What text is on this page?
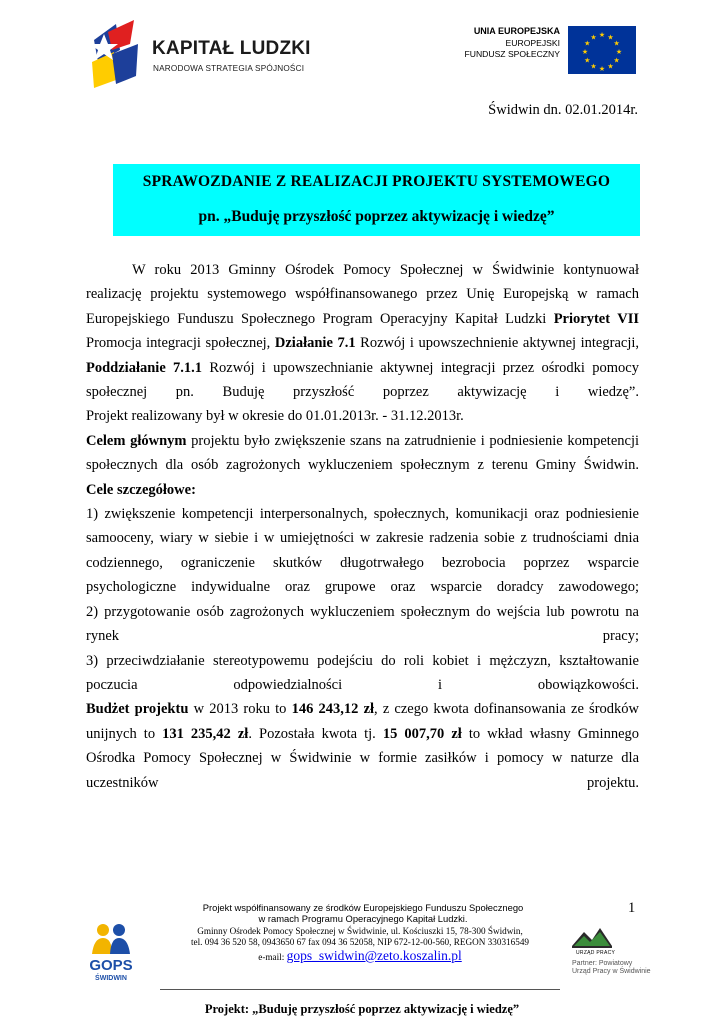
KAPITAŁ LUDZKI
NARODOWA STRATEGIA SPÓJNOŚCI
UNIA EUROPEJSKA
EUROPEJSKI
FUNDUSZ SPOŁECZNY
★ ★
★
★
★
★
★
★
★
★
★
★
Świdwin dn. 02.01.2014r.
SPRAWOZDANIE Z REALIZACJI PROJEKTU SYSTEMOWEGO
pn. „Buduję przyszłość poprzez aktywizację i wiedzę”

W roku 2013 Gminny Ośrodek Pomocy Społecznej w Świdwinie kontynuował realizację projektu systemowego współfinansowanego przez Unię Europejską w ramach Europejskiego Funduszu Społecznego Program Operacyjny Kapitał Ludzki Priorytet VII Promocja integracji społecznej, Działanie 7.1 Rozwój i upowszechnienie aktywnej integracji, Poddziałanie 7.1.1 Rozwój i upowszechnianie aktywnej integracji przez ośrodki pomocy społecznej pn. Buduję przyszłość poprzez aktywizację i wiedzę”.

Projekt realizowany był w okresie do 01.01.2013r. - 31.12.2013r.

Celem głównym projektu było zwiększenie szans na zatrudnienie i podniesienie kompetencji społecznych dla osób zagrożonych wykluczeniem społecznym z terenu Gminy Świdwin.

Cele szczegółowe:

1) zwiększenie kompetencji interpersonalnych, społecznych, komunikacji oraz podniesienie samooceny, wiary w siebie i w umiejętności w zakresie radzenia sobie z trudnościami dnia codziennego, ograniczenie skutków długotrwałego bezrobocia poprzez wsparcie psychologiczne indywidualne oraz grupowe oraz wsparcie doradcy zawodowego;

2) przygotowanie osób zagrożonych wykluczeniem społecznym do wejścia lub powrotu na rynek pracy;

3) przeciwdziałanie stereotypowemu podejściu do roli kobiet i mężczyzn, kształtowanie poczucia odpowiedzialności i obowiązkowości.

Budżet projektu w 2013 roku to 146 243,12 zł, z czego kwota dofinansowania ze środków unijnych to 131 235,42 zł. Pozostała kwota tj. 15 007,70 zł to wkład własny Gminnego Ośrodka Pomocy Społecznej w Świdwinie w formie zasiłków i pomocy w naturze dla uczestników projektu.

GOPS
ŚWIDWIN
Projekt współfinansowany ze środków Europejskiego Funduszu Społecznego
w ramach Programu Operacyjnego Kapitał Ludzki.
Gminny Ośrodek Pomocy Społecznej w Świdwinie, ul. Kościuszki 15, 78-300 Świdwin,
tel. 094 36 520 58, 0943650 67 fax 094 36 52058, NIP 672-12-00-560, REGON 330316549
e-mail: gops_swidwin@zeto.koszalin.pl
1
URZĄD PRACY
Partner: Powiatowy
Urząd Pracy w Świdwinie
Projekt: „Buduję przyszłość poprzez aktywizację i wiedzę”
